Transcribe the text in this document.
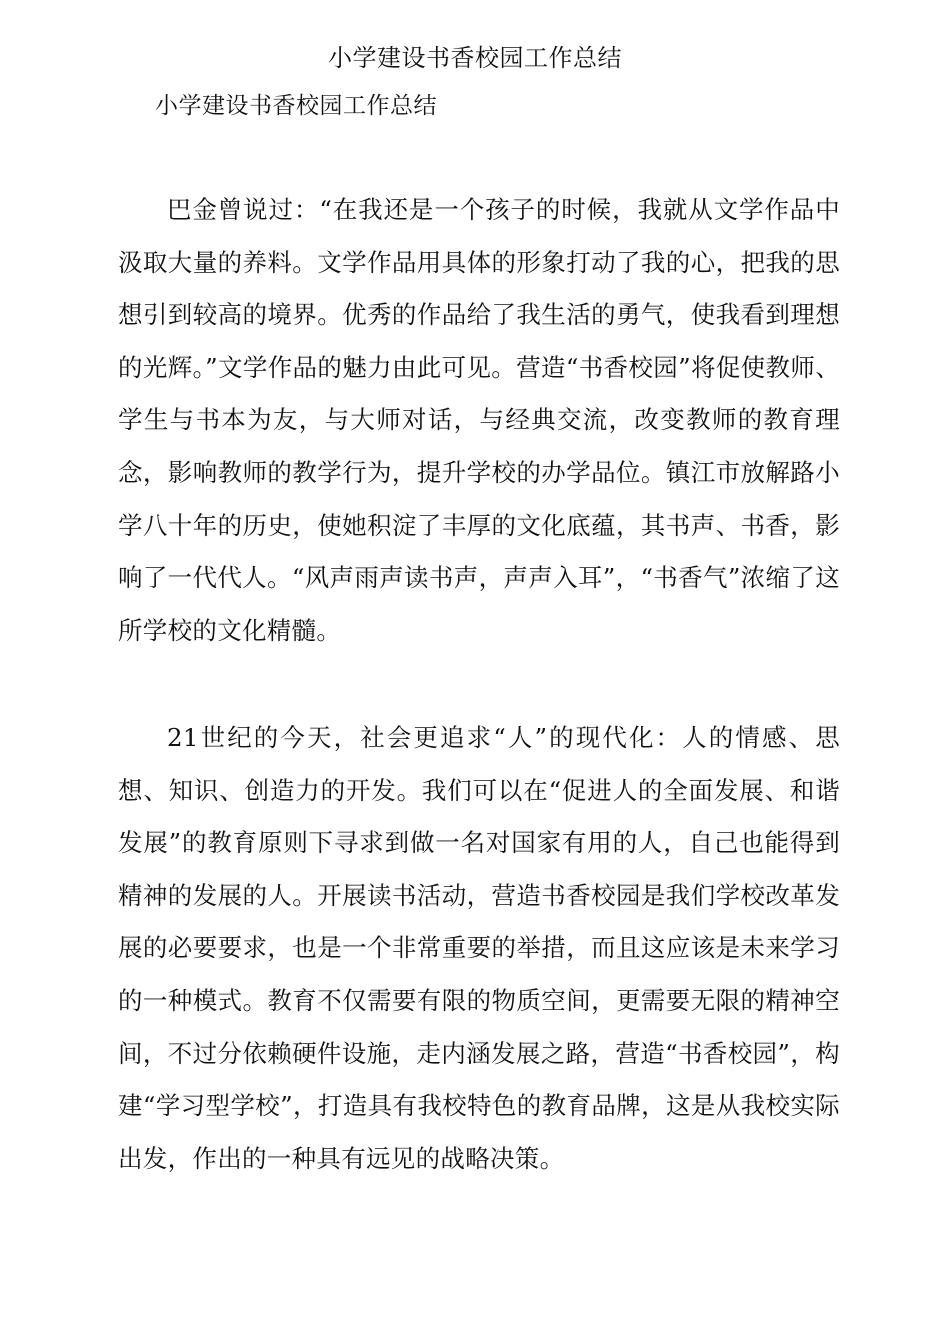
小学建设书香校园工作总结
小学建设书香校园工作总结

巴金曾说过：“在我还是一个孩子的时候，我就从文学作品中汲取大量的养料。文学作品用具体的形象打动了我的心，把我的思想引到较高的境界。优秀的作品给了我生活的勇气，使我看到理想的光辉。”文学作品的魅力由此可见。营造“书香校园”将促使教师、学生与书本为友，与大师对话，与经典交流，改变教师的教育理念，影响教师的教学行为，提升学校的办学品位。镇江市放解路小学八十年的历史，使她积淀了丰厚的文化底蕴，其书声、书香，影响了一代代人。“风声雨声读书声，声声入耳”，“书香气”浓缩了这所学校的文化精髓。

21世纪的今天，社会更追求“人”的现代化：人的情感、思想、知识、创造力的开发。我们可以在“促进人的全面发展、和谐发展”的教育原则下寻求到做一名对国家有用的人，自己也能得到精神的发展的人。开展读书活动，营造书香校园是我们学校改革发展的必要要求，也是一个非常重要的举措，而且这应该是未来学习的一种模式。教育不仅需要有限的物质空间，更需要无限的精神空间，不过分依赖硬件设施，走内涵发展之路，营造“书香校园”，构建“学习型学校”，打造具有我校特色的教育品牌，这是从我校实际出发，作出的一种具有远见的战略决策。
